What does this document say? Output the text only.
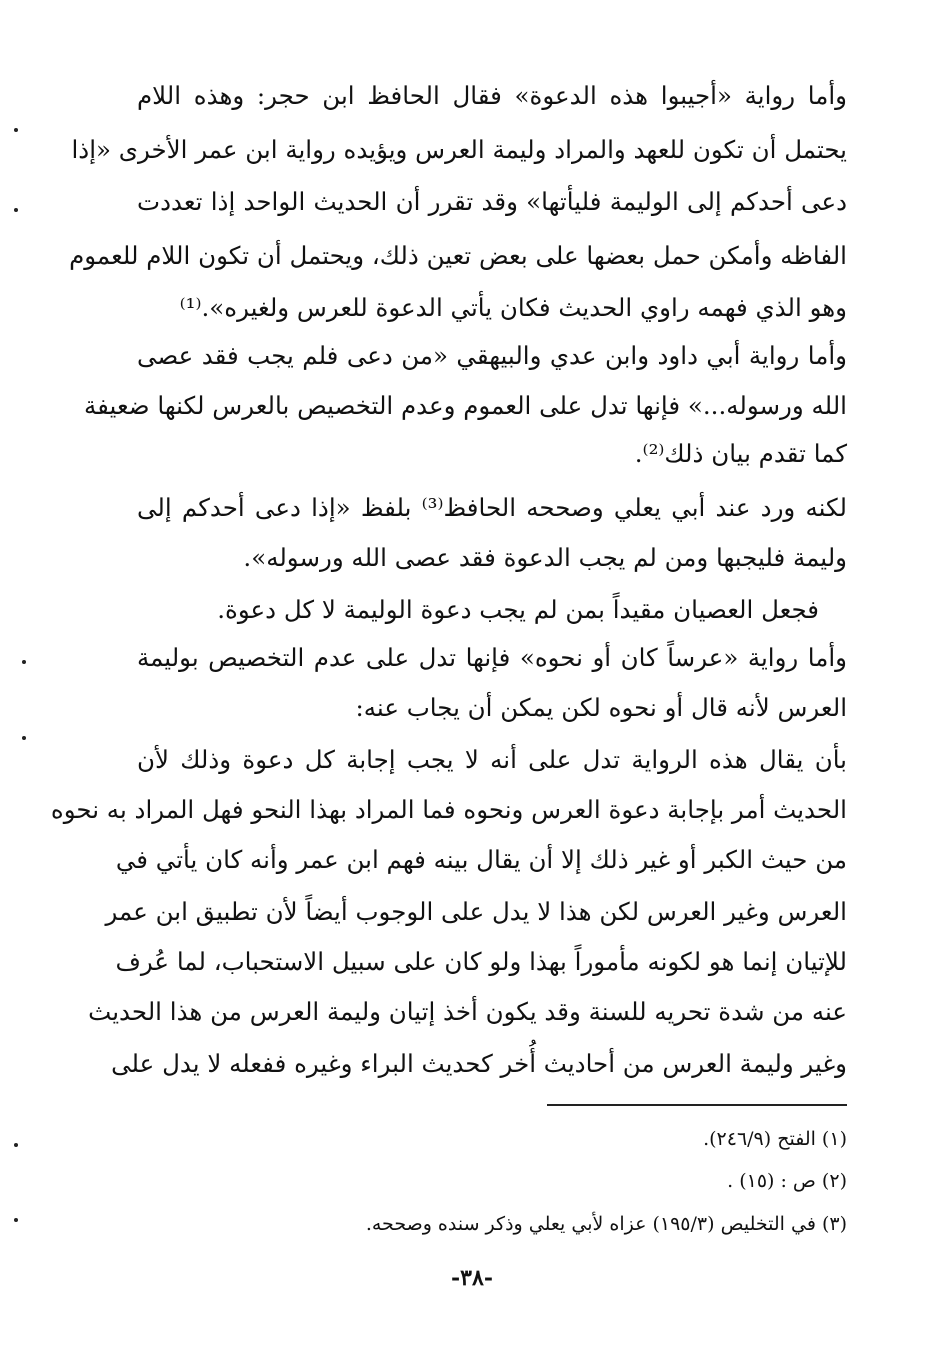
وأما رواية «أجيبوا هذه الدعوة» فقال الحافظ ابن حجر: وهذه اللام
يحتمل أن تكون للعهد والمراد وليمة العرس ويؤيده رواية ابن عمر الأخرى «إذا
دعى أحدكم إلى الوليمة فليأتها» وقد تقرر أن الحديث الواحد إذا تعددت
الفاظه وأمكن حمل بعضها على بعض تعين ذلك، ويحتمل أن تكون اللام للعموم
وهو الذي فهمه راوي الحديث فكان يأتي الدعوة للعرس ولغيره».⁽¹⁾
وأما رواية أبي داود وابن عدي والبيهقي «من دعى فلم يجب فقد عصى
الله ورسوله...» فإنها تدل على العموم وعدم التخصيص بالعرس لكنها ضعيفة
كما تقدم بيان ذلك⁽²⁾.
لكنه ورد عند أبي يعلي وصححه الحافظ⁽³⁾ بلفظ «إذا دعى أحدكم إلى
وليمة فليجبها ومن لم يجب الدعوة فقد عصى الله ورسوله».
فجعل العصيان مقيداً بمن لم يجب دعوة الوليمة لا كل دعوة.
وأما رواية «عرساً كان أو نحوه» فإنها تدل على عدم التخصيص بوليمة
العرس لأنه قال أو نحوه لكن يمكن أن يجاب عنه:
بأن يقال هذه الرواية تدل على أنه لا يجب إجابة كل دعوة وذلك لأن
الحديث أمر بإجابة دعوة العرس ونحوه فما المراد بهذا النحو فهل المراد به نحوه
من حيث الكبر أو غير ذلك إلا أن يقال بينه فهم ابن عمر وأنه كان يأتي في
العرس وغير العرس لكن هذا لا يدل على الوجوب أيضاً لأن تطبيق ابن عمر
للإتيان إنما هو لكونه مأموراً بهذا ولو كان على سبيل الاستحباب، لما عُرف
عنه من شدة تحريه للسنة وقد يكون أخذ إتيان وليمة العرس من هذا الحديث
وغير وليمة العرس من أحاديث أُخر كحديث البراء وغيره ففعله لا يدل على
(١) الفتح (٢٤٦/٩).
(٢) ص : (١٥) .
(٣) في التخليص (١٩٥/٣) عزاه لأبي يعلي وذكر سنده وصححه.
-٣٨-
